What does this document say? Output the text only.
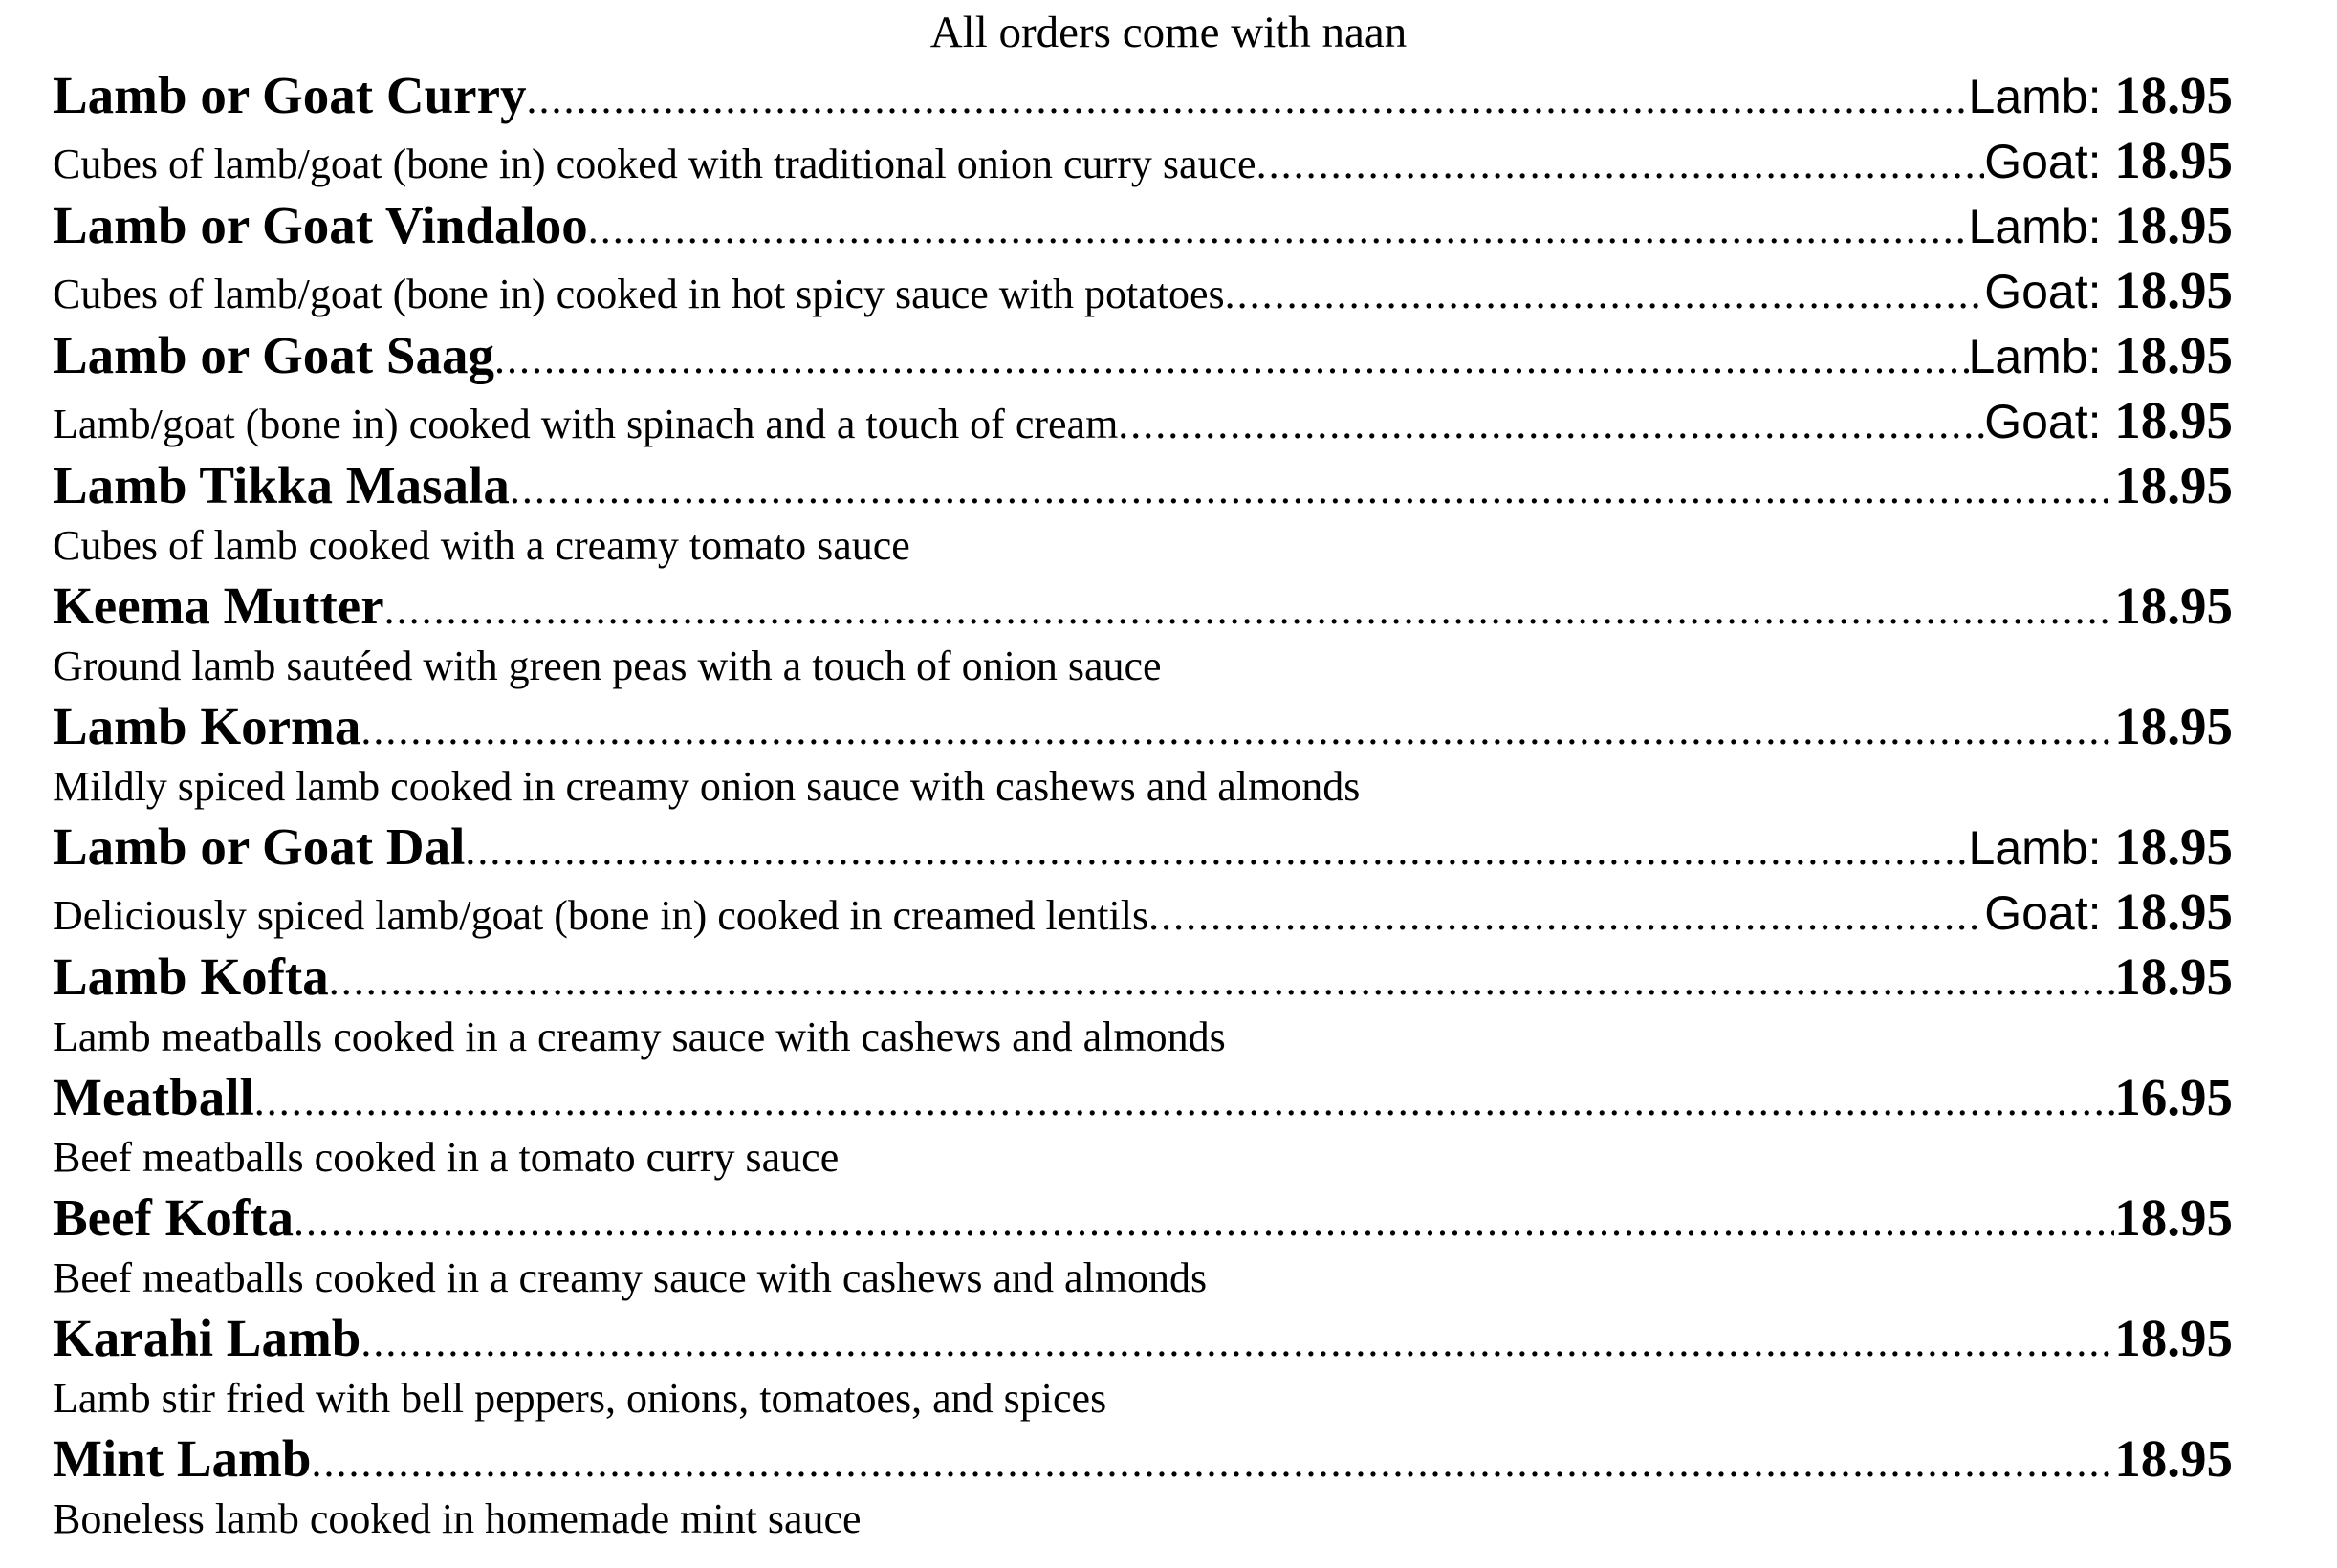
All orders come with naan
Lamb or Goat Curry .....	Lamb: 18.95
Cubes of lamb/goat (bone in) cooked with traditional onion curry sauce .....	Goat: 18.95
Lamb or Goat Vindaloo .....	Lamb: 18.95
Cubes of lamb/goat (bone in) cooked in hot spicy sauce with potatoes .....	Goat: 18.95
Lamb or Goat Saag .....	Lamb: 18.95
Lamb/goat (bone in) cooked with spinach and a touch of cream .....	Goat: 18.95
Lamb Tikka Masala .....	18.95
Cubes of lamb cooked with a creamy tomato sauce
Keema Mutter .....	18.95
Ground lamb sautéed with green peas with a touch of onion sauce
Lamb Korma .....	18.95
Mildly spiced lamb cooked in creamy onion sauce with cashews and almonds
Lamb or Goat Dal .....	Lamb: 18.95
Deliciously spiced lamb/goat (bone in) cooked in creamed lentils .....	Goat: 18.95
Lamb Kofta .....	18.95
Lamb meatballs cooked in a creamy sauce with cashews and almonds
Meatball .....	16.95
Beef meatballs cooked in a tomato curry sauce
Beef Kofta .....	18.95
Beef meatballs cooked in a creamy sauce with cashews and almonds
Karahi Lamb .....	18.95
Lamb stir fried with bell peppers, onions, tomatoes, and spices
Mint Lamb .....	18.95
Boneless lamb cooked in homemade mint sauce
